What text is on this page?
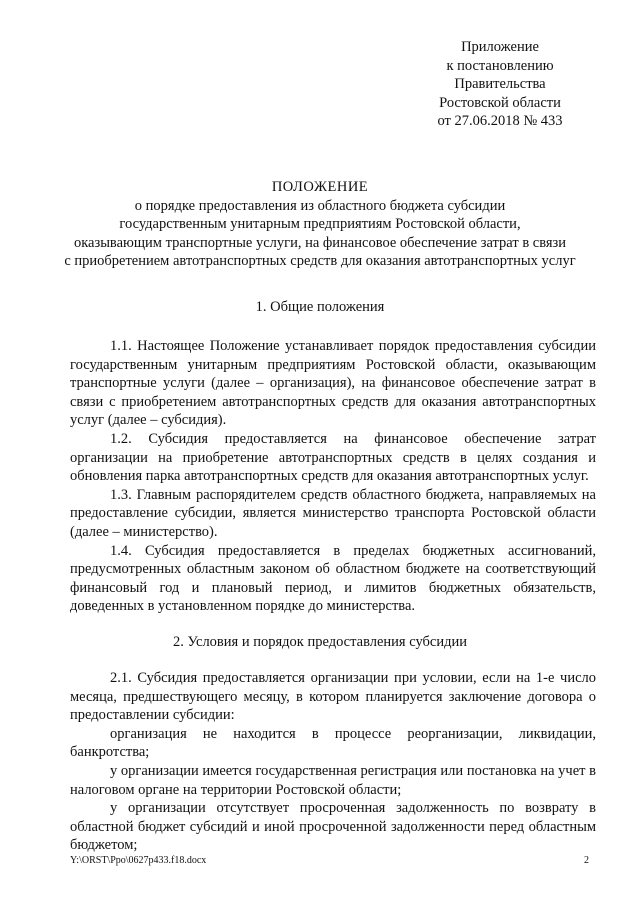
Приложение
к постановлению
Правительства
Ростовской области
от 27.06.2018 № 433
ПОЛОЖЕНИЕ
о порядке предоставления из областного бюджета субсидии
государственным унитарным предприятиям Ростовской области,
оказывающим транспортные услуги, на финансовое обеспечение затрат в связи
с приобретением автотранспортных средств для оказания автотранспортных услуг
1. Общие положения

1.1. Настоящее Положение устанавливает порядок предоставления субсидии государственным унитарным предприятиям Ростовской области, оказывающим транспортные услуги (далее – организация), на финансовое обеспечение затрат в связи с приобретением автотранспортных средств для оказания автотранспортных услуг (далее – субсидия).

1.2. Субсидия предоставляется на финансовое обеспечение затрат организации на приобретение автотранспортных средств в целях создания и обновления парка автотранспортных средств для оказания автотранспортных услуг.

1.3. Главным распорядителем средств областного бюджета, направляемых на предоставление субсидии, является министерство транспорта Ростовской области (далее – министерство).

1.4. Субсидия предоставляется в пределах бюджетных ассигнований, предусмотренных областным законом об областном бюджете на соответствующий финансовый год и плановый период, и лимитов бюджетных обязательств, доведенных в установленном порядке до министерства.

2. Условия и порядок предоставления субсидии

2.1. Субсидия предоставляется организации при условии, если на 1-е число месяца, предшествующего месяцу, в котором планируется заключение договора о предоставлении субсидии:

организация не находится в процессе реорганизации, ликвидации, банкротства;

у организации имеется государственная регистрация или постановка на учет в налоговом органе на территории Ростовской области;

у организации отсутствует просроченная задолженность по возврату в областной бюджет субсидий и иной просроченной задолженности перед областным бюджетом;

Y:\ORST\Ppo\0627p433.f18.docx	2
